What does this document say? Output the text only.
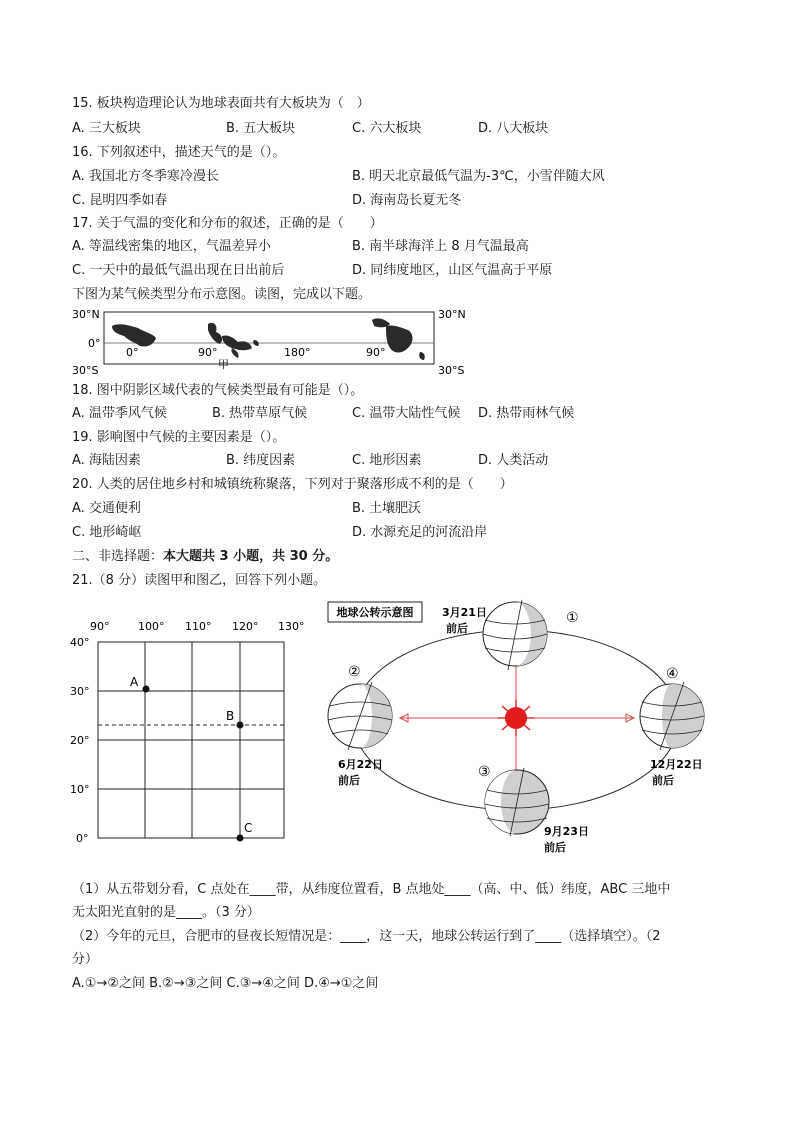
15. 板块构造理论认为地球表面共有大板块为（　）
A. 三大板块	B. 五大板块	C. 六大板块	D. 八大板块
16. 下列叙述中，描述天气的是（）。
A. 我国北方冬季寒冷漫长	B. 明天北京最低气温为-3℃，小雪伴随大风
C. 昆明四季如春	D. 海南岛长夏无冬
17. 关于气温的变化和分布的叙述，正确的是（　　）
A. 等温线密集的地区，气温差异小	B. 南半球海洋上 8 月气温最高
C. 一天中的最低气温出现在日出前后	D. 同纬度地区，山区气温高于平原
下图为某气候类型分布示意图。读图，完成以下题。
30°N
0°
30°S
0°	90°	180°	90°
甲
30°N
30°S
18. 图中阴影区域代表的气候类型最有可能是（）。
A. 温带季风气候	B. 热带草原气候	C. 温带大陆性气候 D. 热带雨林气候
19. 影响图中气候的主要因素是（）。
A. 海陆因素	B. 纬度因素	C. 地形因素	D. 人类活动
20. 人类的居住地乡村和城镇统称聚落，下列对于聚落形成不利的是（　　）
A. 交通便利	B. 土壤肥沃
C. 地形崎岖	D. 水源充足的河流沿岸
二、非选择题：本大题共 3 小题，共 30 分。
21.（8 分）读图甲和图乙，回答下列小题。
90°	100° 110° 120° 130°
40°
30°
20°
10°
0°
A
B
C
地球公转示意图	①
②
③
④
3月21日
前后
6月22日
前后
9月23日
前后
12月22日
前后
（1）从五带划分看，C 点处在____带，从纬度位置看，B 点地处____（高、中、低）纬度，ABC 三地中
无太阳光直射的是____。（3 分）
（2）今年的元旦，合肥市的昼夜长短情况是：____，这一天，地球公转运行到了____（选择填空）。（2
分）
A.①→②之间 B.②→③之间 C.③→④之间 D.④→①之间
